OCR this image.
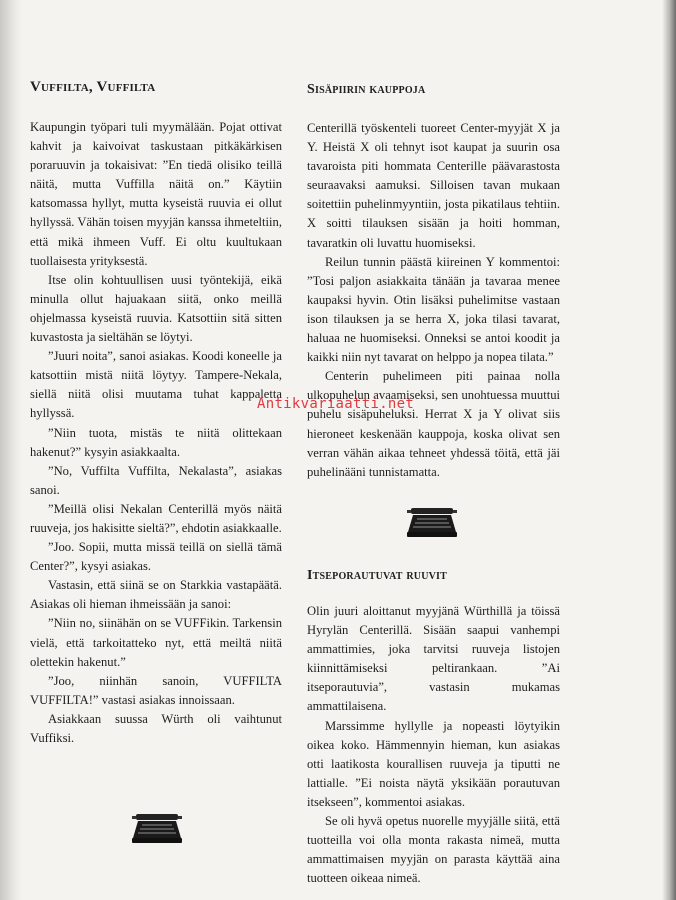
Vuffilta, Vuffilta

Kaupungin työpari tuli myymälään. Pojat ottivat kahvit ja kaivoivat taskustaan pitkäkärkisen poraruuvin ja tokaisivat: ”En tiedä olisiko teillä näitä, mutta Vuffilla näitä on.” Käytiin katsomassa hyllyt, mutta kyseistä ruuvia ei ollut hyllyssä. Vähän toisen myyjän kanssa ihmeteltiin, että mikä ihmeen Vuff. Ei oltu kuultukaan tuollaisesta yrityksestä.

Itse olin kohtuullisen uusi työntekijä, eikä minulla ollut hajuakaan siitä, onko meillä ohjelmassa kyseistä ruuvia. Katsottiin sitä sitten kuvastosta ja sieltähän se löytyi.

”Juuri noita”, sanoi asiakas. Koodi koneelle ja katsottiin mistä niitä löytyy. Tampere-Nekala, siellä niitä olisi muutama tuhat kappaletta hyllyssä.

”Niin tuota, mistäs te niitä olittekaan hakenut?” kysyin asiakkaalta.

”No, Vuffilta Vuffilta, Nekalasta”, asiakas sanoi.

”Meillä olisi Nekalan Centerillä myös näitä ruuveja, jos hakisitte sieltä?”, ehdotin asiakkaalle.

”Joo. Sopii, mutta missä teillä on siellä tämä Center?”, kysyi asiakas.

Vastasin, että siinä se on Starkkia vastapäätä. Asiakas oli hieman ihmeissään ja sanoi:

”Niin no, siinähän on se VUFFikin. Tarkensin vielä, että tarkoitatteko nyt, että meiltä niitä olettekin hakenut.”

”Joo, niinhän sanoin, VUFFILTA VUFFILTA!” vastasi asiakas innoissaan.

Asiakkaan suussa Würth oli vaihtunut Vuffiksi.

Sisäpiirin kauppoja

Centerillä työskenteli tuoreet Center-myyjät X ja Y. Heistä X oli tehnyt isot kaupat ja suurin osa tavaroista piti hommata Centerille päävarastosta seuraavaksi aamuksi. Silloisen tavan mukaan soitettiin puhelinmyyntiin, josta pikatilaus tehtiin. X soitti tilauksen sisään ja hoiti homman, tavaratkin oli luvattu huomiseksi.

Reilun tunnin päästä kiireinen Y kommentoi: ”Tosi paljon asiakkaita tänään ja tavaraa menee kaupaksi hyvin. Otin lisäksi puhelimitse vastaan ison tilauksen ja se herra X, joka tilasi tavarat, haluaa ne huomiseksi. Onneksi se antoi koodit ja kaikki niin nyt tavarat on helppo ja nopea tilata.”

Centerin puhelimeen piti painaa nolla ulkopuhelun avaamiseksi, sen unohtuessa muuttui puhelu sisäpuheluksi. Herrat X ja Y olivat siis hieroneet keskenään kauppoja, koska olivat sen verran vähän aikaa tehneet yhdessä töitä, että jäi puhelinääni tunnistamatta.

Itseporautuvat ruuvit

Olin juuri aloittanut myyjänä Würthillä ja töissä Hyrylän Centerillä. Sisään saapui vanhempi ammattimies, joka tarvitsi ruuveja listojen kiinnittämiseksi peltirankaan. ”Ai itseporautuvia”, vastasin mukamas ammattilaisena.

Marssimme hyllylle ja nopeasti löytyikin oikea koko. Hämmennyin hieman, kun asiakas otti laatikosta kourallisen ruuveja ja tiputti ne lattialle. ”Ei noista näytä yksikään porautuvan itsekseen”, kommentoi asiakas.

Se oli hyvä opetus nuorelle myyjälle siitä, että tuotteilla voi olla monta rakasta nimeä, mutta ammattimaisen myyjän on parasta käyttää aina tuotteen oikeaa nimeä.

Antikvariaatti.net
